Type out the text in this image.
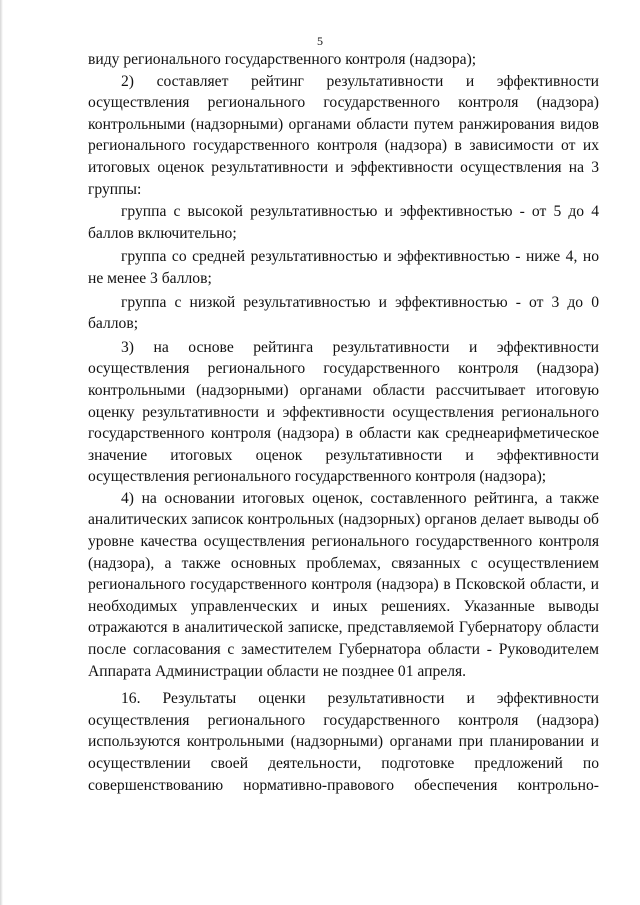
5

виду регионального государственного контроля (надзора);

2) составляет рейтинг результативности и эффективности осуществления регионального государственного контроля (надзора) контрольными (надзорными) органами области путем ранжирования видов регионального государственного контроля (надзора) в зависимости от их итоговых оценок результативности и эффективности осуществления на 3 группы:

группа с высокой результативностью и эффективностью - от 5 до 4 баллов включительно;

группа со средней результативностью и эффективностью - ниже 4, но не менее 3 баллов;

группа с низкой результативностью и эффективностью - от 3 до 0 баллов;

3) на основе рейтинга результативности и эффективности осуществления регионального государственного контроля (надзора) контрольными (надзорными) органами области рассчитывает итоговую оценку результативности и эффективности осуществления регионального государственного контроля (надзора) в области как среднеарифметическое значение итоговых оценок результативности и эффективности осуществления регионального государственного контроля (надзора);

4) на основании итоговых оценок, составленного рейтинга, а также аналитических записок контрольных (надзорных) органов делает выводы об уровне качества осуществления регионального государственного контроля (надзора), а также основных проблемах, связанных с осуществлением регионального государственного контроля (надзора) в Псковской области, и необходимых управленческих и иных решениях. Указанные выводы отражаются в аналитической записке, представляемой Губернатору области после согласования с заместителем Губернатора области - Руководителем Аппарата Администрации области не позднее 01 апреля.

16. Результаты оценки результативности и эффективности осуществления регионального государственного контроля (надзора) используются контрольными (надзорными) органами при планировании и осуществлении своей деятельности, подготовке предложений по совершенствованию нормативно-правового обеспечения контрольно-
